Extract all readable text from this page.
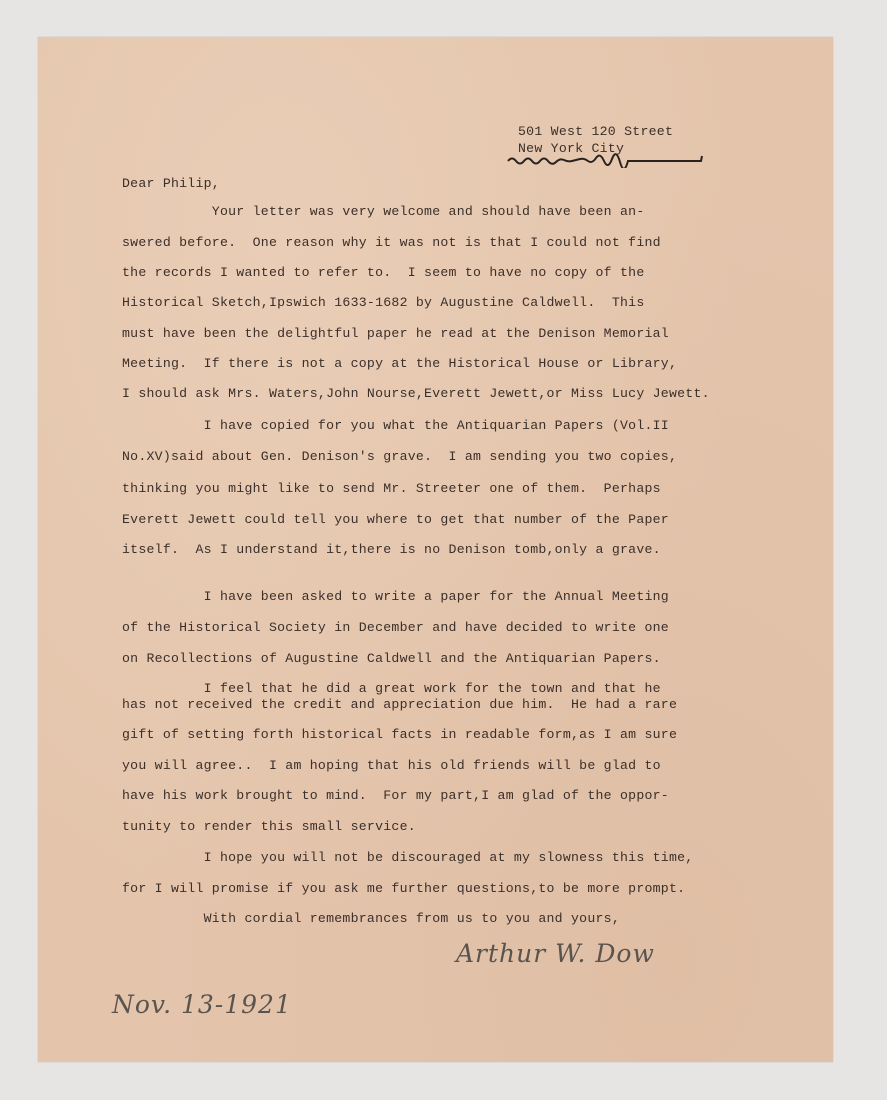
501 West 120 Street
New York City
Dear Philip,
Your letter was very welcome and should have been an-
swered before.  One reason why it was not is that I could not find
the records I wanted to refer to.  I seem to have no copy of the
Historical Sketch,Ipswich 1633-1682 by Augustine Caldwell.  This
must have been the delightful paper he read at the Denison Memorial
Meeting.  If there is not a copy at the Historical House or Library,
I should ask Mrs. Waters,John Nourse,Everett Jewett,or Miss Lucy Jewett.
I have copied for you what the Antiquarian Papers (Vol.II
No.XV)said about Gen. Denison's grave.  I am sending you two copies,
thinking you might like to send Mr. Streeter one of them.  Perhaps
Everett Jewett could tell you where to get that number of the Paper
itself.  As I understand it,there is no Denison tomb,only a grave.
I have been asked to write a paper for the Annual Meeting
of the Historical Society in December and have decided to write one
on Recollections of Augustine Caldwell and the Antiquarian Papers.
I feel that he did a great work for the town and that he
has not received the credit and appreciation due him.  He had a rare
gift of setting forth historical facts in readable form,as I am sure
you will agree..  I am hoping that his old friends will be glad to
have his work brought to mind.  For my part,I am glad of the oppor-
tunity to render this small service.
I hope you will not be discouraged at my slowness this time,
for I will promise if you ask me further questions,to be more prompt.
With cordial remembrances from us to you and yours,
Arthur W. Dow
Nov. 13-1921
